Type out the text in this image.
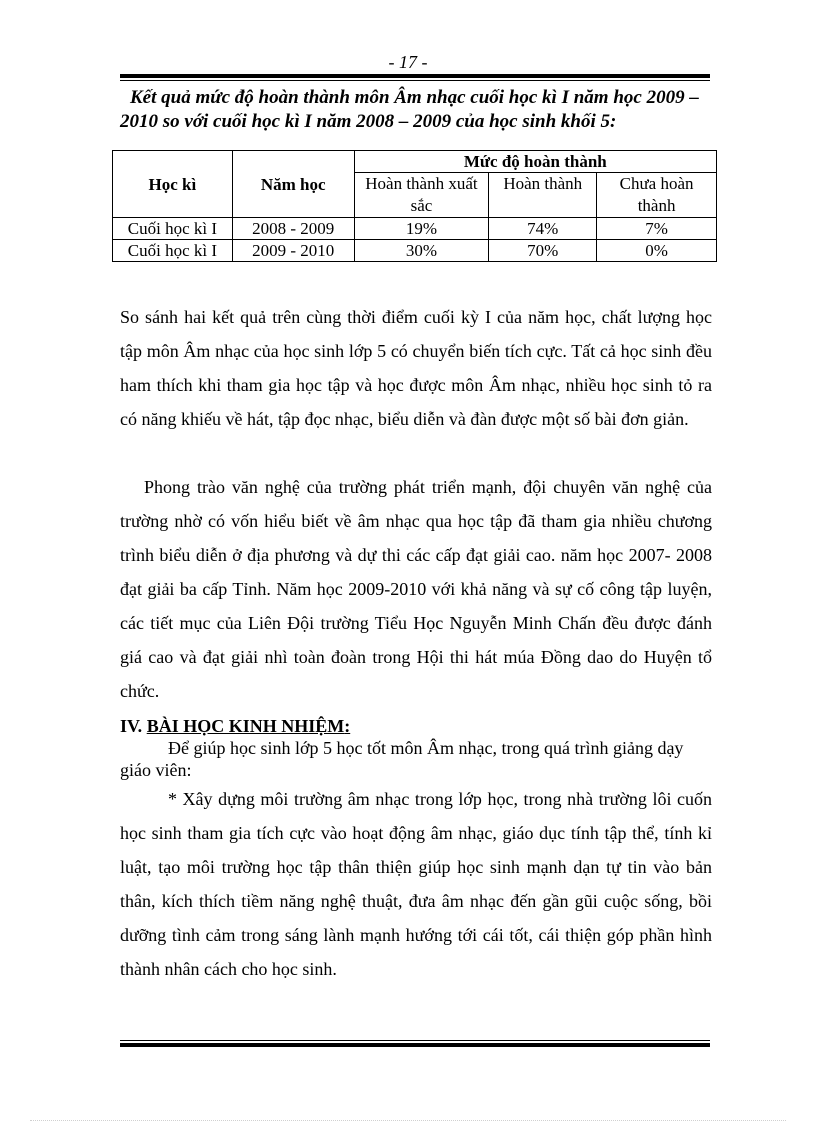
- 17 -
Kết quả mức độ hoàn thành môn Âm nhạc cuối học kì I năm học 2009 –
2010 so với cuối học kì I năm 2008 – 2009 của học sinh khối 5:
Học kì	Năm học	Mức độ hoàn thành		
		Hoàn thành xuất sắc	Hoàn thành	Chưa hoàn thành
Cuối học kì I	2008 - 2009	19%	74%	7%
Cuối học kì I	2009 - 2010	30%	70%	0%
So sánh hai kết quả trên cùng thời điểm cuối kỳ I của năm học, chất lượng học tập môn Âm nhạc của học sinh lớp 5 có chuyển biến tích cực. Tất cả học sinh đều ham thích khi tham gia học tập và học được môn Âm nhạc, nhiều học sinh tỏ ra có năng khiếu về hát, tập đọc nhạc, biểu diễn và đàn được một số bài đơn giản.
Phong trào văn nghệ của trường phát triển mạnh, đội chuyên văn nghệ của trường nhờ có vốn hiểu biết về âm nhạc qua học tập đã tham gia nhiều chương trình biểu diễn ở địa phương và dự thi các cấp đạt giải cao. năm học 2007- 2008 đạt giải ba cấp Tỉnh. Năm học 2009-2010 với khả năng và sự cố công tập luyện, các tiết mục của Liên Đội trường Tiểu Học Nguyễn Minh Chấn đều được đánh giá cao và đạt giải nhì toàn đoàn trong Hội thi hát múa Đồng dao do Huyện tổ chức.
IV. BÀI HỌC KINH NHIỆM:
Để giúp học sinh lớp 5 học tốt môn Âm nhạc, trong quá trình giảng dạy giáo viên:
* Xây dựng môi trường âm nhạc trong lớp học, trong nhà trường lôi cuốn học sinh tham gia tích cực vào hoạt động âm nhạc, giáo dục tính tập thể, tính kỉ luật, tạo môi trường học tập thân thiện giúp học sinh mạnh dạn tự tin vào bản thân, kích thích tiềm năng nghệ thuật, đưa âm nhạc đến gần gũi cuộc sống, bồi dưỡng tình cảm trong sáng lành mạnh hướng tới cái tốt, cái thiện góp phần hình thành nhân cách cho học sinh.
